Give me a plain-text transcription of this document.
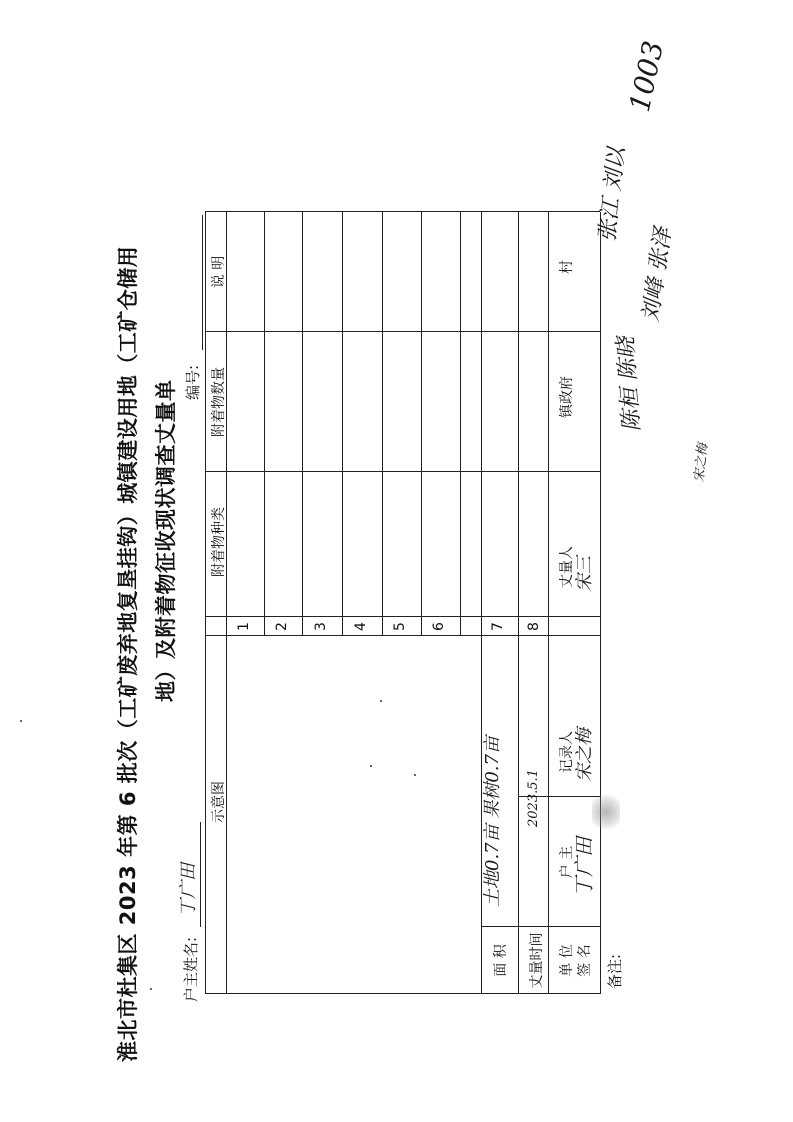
淮北市杜集区 2023 年第 6 批次（工矿废弃地复垦挂钩）城镇建设用地（工矿仓储用 地）及附着物征收现状调查丈量单
户主姓名:
丁广田
编号:
示意图
附着物种类
附着物数量
说 明
1 2 3 4 5 6	7 8
面 积
土地0.7亩 果树0.7亩
丈量时间
2023.5.1
单 位
户 主
记录人
丈量人
镇政府
村
签 名
丁广田
宋之梅
宋三
备注:
1003
张江 刘以
刘峰 张泽
陈桓 陈晓
宋之梅
